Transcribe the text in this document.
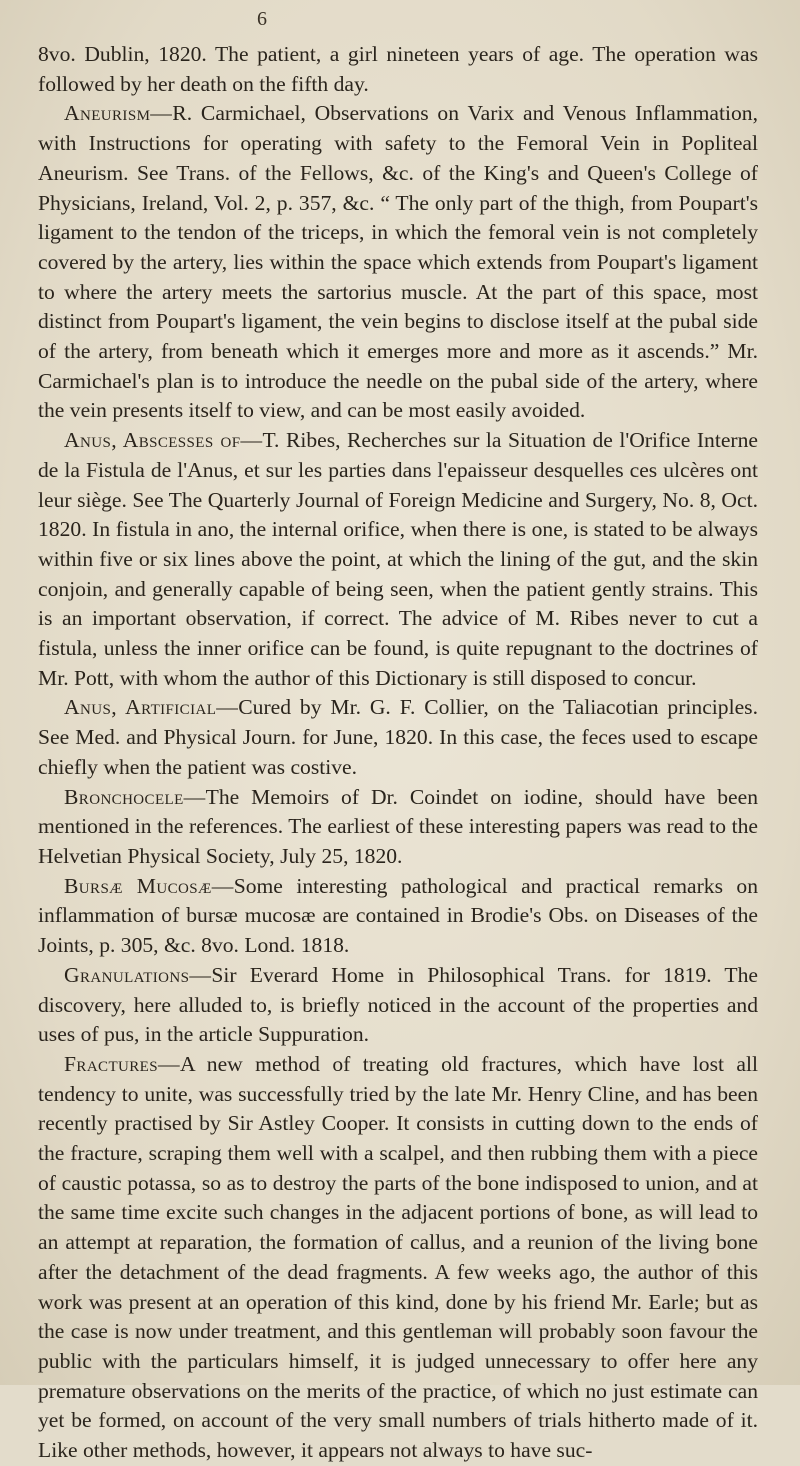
6

8vo. Dublin, 1820. The patient, a girl nineteen years of age. The operation was followed by her death on the fifth day.

Aneurism—R. Carmichael, Observations on Varix and Venous Inflammation, with Instructions for operating with safety to the Femoral Vein in Popliteal Aneurism. See Trans. of the Fellows, &c. of the King's and Queen's College of Physicians, Ireland, Vol. 2, p. 357, &c. “ The only part of the thigh, from Poupart's ligament to the tendon of the triceps, in which the femoral vein is not completely covered by the artery, lies within the space which extends from Poupart's ligament to where the artery meets the sartorius muscle. At the part of this space, most distinct from Poupart's ligament, the vein begins to disclose itself at the pubal side of the artery, from beneath which it emerges more and more as it ascends.” Mr. Carmichael's plan is to introduce the needle on the pubal side of the artery, where the vein presents itself to view, and can be most easily avoided.

Anus, Abscesses of—T. Ribes, Recherches sur la Situation de l'Orifice Interne de la Fistula de l'Anus, et sur les parties dans l'epaisseur desquelles ces ulcères ont leur siège. See The Quarterly Journal of Foreign Medicine and Surgery, No. 8, Oct. 1820. In fistula in ano, the internal orifice, when there is one, is stated to be always within five or six lines above the point, at which the lining of the gut, and the skin conjoin, and generally capable of being seen, when the patient gently strains. This is an important observation, if correct. The advice of M. Ribes never to cut a fistula, unless the inner orifice can be found, is quite repugnant to the doctrines of Mr. Pott, with whom the author of this Dictionary is still disposed to concur.

Anus, Artificial—Cured by Mr. G. F. Collier, on the Taliacotian principles. See Med. and Physical Journ. for June, 1820. In this case, the feces used to escape chiefly when the patient was costive.

Bronchocele—The Memoirs of Dr. Coindet on iodine, should have been mentioned in the references. The earliest of these interesting papers was read to the Helvetian Physical Society, July 25, 1820.

Bursæ Mucosæ—Some interesting pathological and practical remarks on inflammation of bursæ mucosæ are contained in Brodie's Obs. on Diseases of the Joints, p. 305, &c. 8vo. Lond. 1818.

Granulations—Sir Everard Home in Philosophical Trans. for 1819. The discovery, here alluded to, is briefly noticed in the account of the properties and uses of pus, in the article Suppuration.

Fractures—A new method of treating old fractures, which have lost all tendency to unite, was successfully tried by the late Mr. Henry Cline, and has been recently practised by Sir Astley Cooper. It consists in cutting down to the ends of the fracture, scraping them well with a scalpel, and then rubbing them with a piece of caustic potassa, so as to destroy the parts of the bone indisposed to union, and at the same time excite such changes in the adjacent portions of bone, as will lead to an attempt at reparation, the formation of callus, and a reunion of the living bone after the detachment of the dead fragments. A few weeks ago, the author of this work was present at an operation of this kind, done by his friend Mr. Earle; but as the case is now under treatment, and this gentleman will probably soon favour the public with the particulars himself, it is judged unnecessary to offer here any premature observations on the merits of the practice, of which no just estimate can yet be formed, on account of the very small numbers of trials hitherto made of it. Like other methods, however, it appears not always to have suc-
